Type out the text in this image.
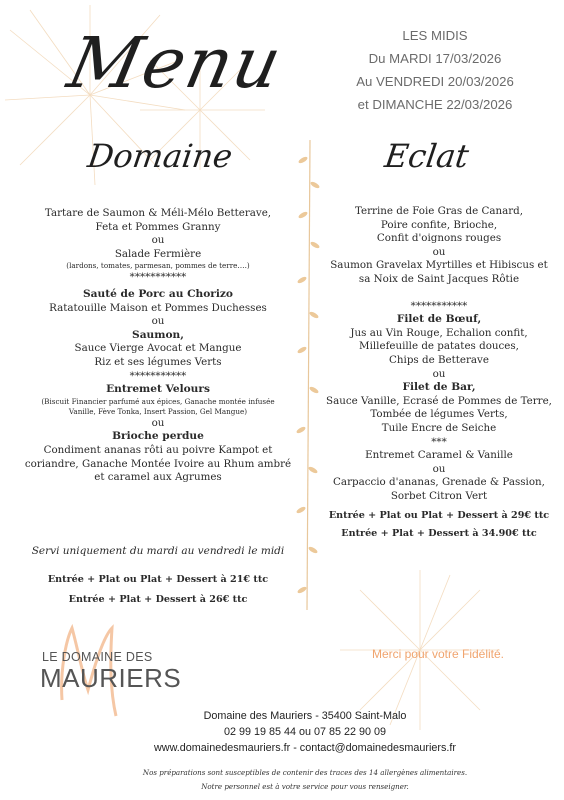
Menu	LES MIDIS
Du MARDI 17/03/2026
Au VENDREDI 20/03/2026
et DIMANCHE 22/03/2026
Domaine	Eclat
Tartare de Saumon & Méli-Mélo Betterave,
Feta et Pommes Granny
ou
Salade Fermière
(lardons, tomates, parmesan, pommes de terre….)
***********
Sauté de Porc au Chorizo
Ratatouille Maison et Pommes Duchesses
ou
Saumon,
Sauce Vierge Avocat et Mangue
Riz et ses légumes Verts
***********
Entremet Velours
(Biscuit Financier parfumé aux épices, Ganache montée infusée
Vanille, Fève Tonka, Insert Passion, Gel Mangue)
ou
Brioche perdue
Condiment ananas rôti au poivre Kampot et
coriandre, Ganache Montée Ivoire au Rhum ambré
et caramel aux Agrumes
Servi uniquement du mardi au vendredi le midi
Entrée + Plat ou Plat + Dessert à 21€ ttc
Entrée + Plat + Dessert à 26€ ttc
Terrine de Foie Gras de Canard,
Poire confite, Brioche,
Confit d'oignons rouges
ou
Saumon Gravelax Myrtilles et Hibiscus et
sa Noix de Saint Jacques Rôtie
***********
Filet de Bœuf,
Jus au Vin Rouge, Echalion confit,
Millefeuille de patates douces,
Chips de Betterave
ou
Filet de Bar,
Sauce Vanille, Ecrasé de Pommes de Terre,
Tombée de légumes Verts,
Tuile Encre de Seiche
***
Entremet Caramel & Vanille
ou
Carpaccio d'ananas, Grenade & Passion,
Sorbet Citron Vert
Entrée + Plat ou Plat + Dessert à 29€ ttc
Entrée + Plat + Dessert à 34.90€ ttc
LE DOMAINE DES
MAURIERS
Merci pour votre Fidélité.
Domaine des Mauriers - 35400 Saint-Malo
02 99 19 85 44 ou 07 85 22 90 09
www.domainedesmauriers.fr - contact@domainedesmauriers.fr
Nos préparations sont susceptibles de contenir des traces des 14 allergènes alimentaires.
Notre personnel est à votre service pour vous renseigner.
